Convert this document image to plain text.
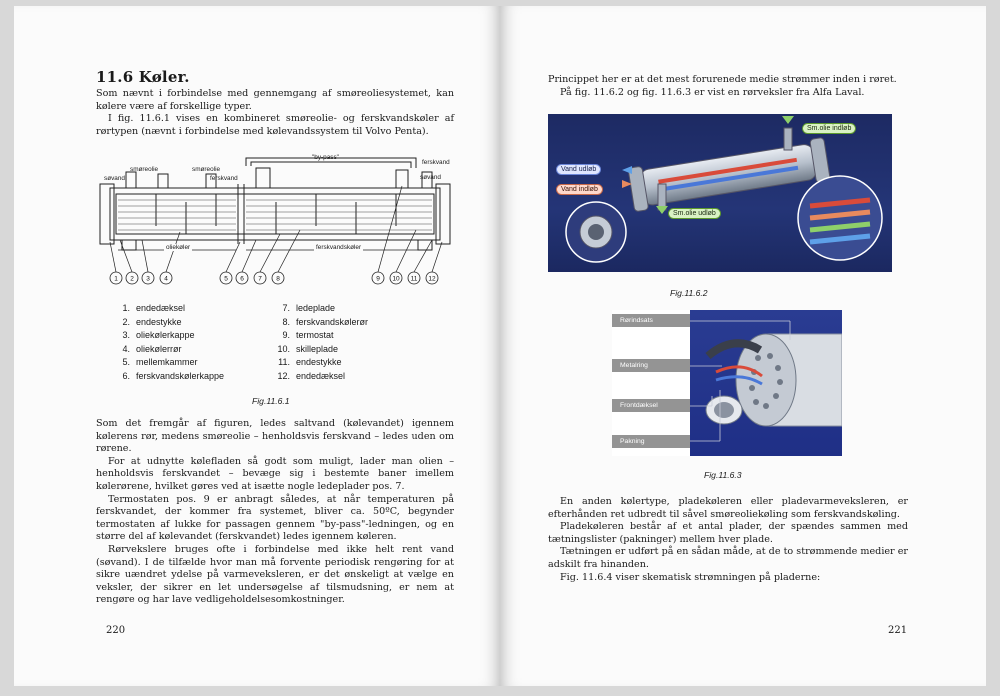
11.6 Køler.

Som nævnt i forbindelse med gennemgang af smøreoliesystemet, kan kølere være af forskellige typer.

I fig. 11.6.1 vises en kombineret smøreolie- og ferskvandskøler af rørtypen (nævnt i forbindelse med kølevandssystem til Volvo Penta).

1 2 3 4	5 6 7 8	9 10 11 12
"by-pass"
smøreolie
søvand
smøreolie
ferskvand
ferskvand
søvand
oliekøler	ferskvandskøler
1. endedæksel
2. endestykke
3. oliekølerkappe
4. oliekølerrør
5. mellemkammer
6. ferskvandskølerkappe
7. ledeplade
8. ferskvandskølerør
9. termostat
10. skilleplade
11. endestykke
12. endedæksel
Fig.11.6.1

Som det fremgår af figuren, ledes saltvand (kølevandet) igennem kølerens rør, medens smøreolie – henholdsvis ferskvand – ledes uden om rørene.

For at udnytte kølefladen så godt som muligt, lader man olien – henholdsvis ferskvandet – bevæge sig i bestemte baner imellem kølerørene, hvilket gøres ved at isætte nogle ledeplader pos. 7.

Termostaten pos. 9 er anbragt således, at når temperaturen på ferskvandet, der kommer fra systemet, bliver ca. 50ºC, begynder termostaten af lukke for passagen gennem "by-pass"-ledningen, og en større del af kølevandet (ferskvandet) ledes igennem køleren.

Rørvekslere bruges ofte i forbindelse med ikke helt rent vand (søvand). I de tilfælde hvor man må forvente periodisk rengøring for at sikre uændret ydelse på varmeveksleren, er det ønskeligt at vælge en veksler, der sikrer en let undersøgelse af tilsmudsning, er nem at rengøre og har lave vedligeholdelsesomkostninger.

220

Princippet her er at det mest forurenede medie strømmer inden i røret.

På fig. 11.6.2 og fig. 11.6.3 er vist en rørveksler fra Alfa Laval.

Sm.olie indløb
Vand udløb
Vand indløb
Sm.olie udløb
Fig.11.6.2
Rørindsats
Metalring
Frontdæksel
Pakning
Fig.11.6.3

En anden kølertype, pladekøleren eller pladevarmeveksleren, er efterhånden ret udbredt til såvel smøreoliekøling som ferskvandskøling.

Pladekøleren består af et antal plader, der spændes sammen med tætningslister (pakninger) mellem hver plade.

Tætningen er udført på en sådan måde, at de to strømmende medier er adskilt fra hinanden.

Fig. 11.6.4 viser skematisk strømningen på pladerne:

221
